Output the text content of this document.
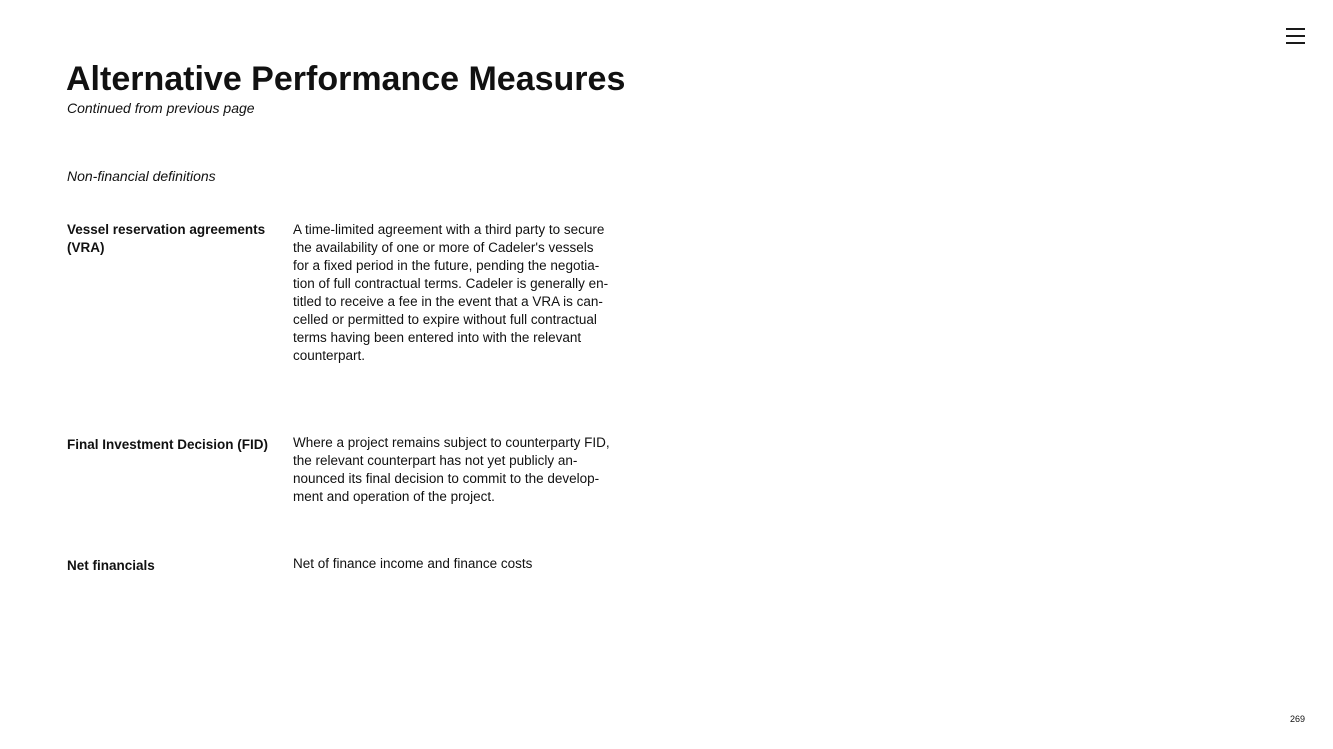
Alternative Performance Measures
Continued from previous page
Non-financial definitions
Vessel reservation agreements (VRA)
A time-limited agreement with a third party to secure
the availability of one or more of Cadeler's vessels
for a fixed period in the future, pending the negotia-
tion of full contractual terms. Cadeler is generally en-
titled to receive a fee in the event that a VRA is can-
celled or permitted to expire without full contractual
terms having been entered into with the relevant
counterpart.
Final Investment Decision (FID)	Where a project remains subject to counterparty FID,
the relevant counterpart has not yet publicly an-
nounced its final decision to commit to the develop-
ment and operation of the project.
Net financials	Net of finance income and finance costs
269
